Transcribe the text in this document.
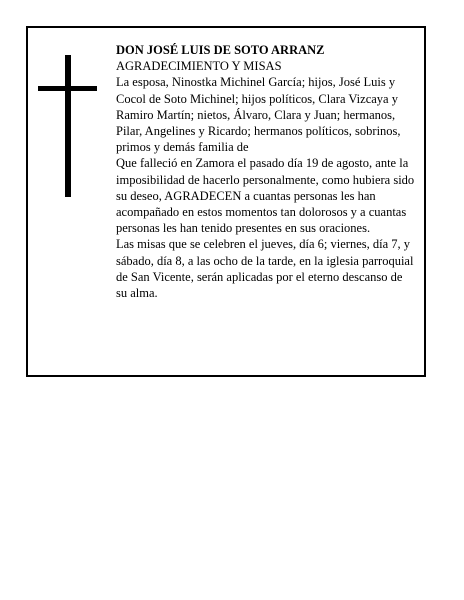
DON JOSÉ LUIS DE SOTO ARRANZ

AGRADECIMIENTO Y MISAS

La esposa, Ninostka Michinel García; hijos, José Luis y Cocol de Soto Michinel; hijos políticos, Clara Vizcaya y Ramiro Martín; nietos, Álvaro, Clara y Juan; hermanos, Pilar, Angelines y Ricardo; hermanos políticos, sobrinos, primos y demás familia de

Que falleció en Zamora el pasado día 19 de agosto, ante la imposibilidad de hacerlo personalmente, como hubiera sido su deseo, AGRADECEN a cuantas personas les han acompañado en estos momentos tan dolorosos y a cuantas personas les han tenido presentes en sus oraciones.

Las misas que se celebren el jueves, día 6; viernes, día 7, y sábado, día 8, a las ocho de la tarde, en la iglesia parroquial de San Vicente, serán aplicadas por el eterno descanso de su alma.
